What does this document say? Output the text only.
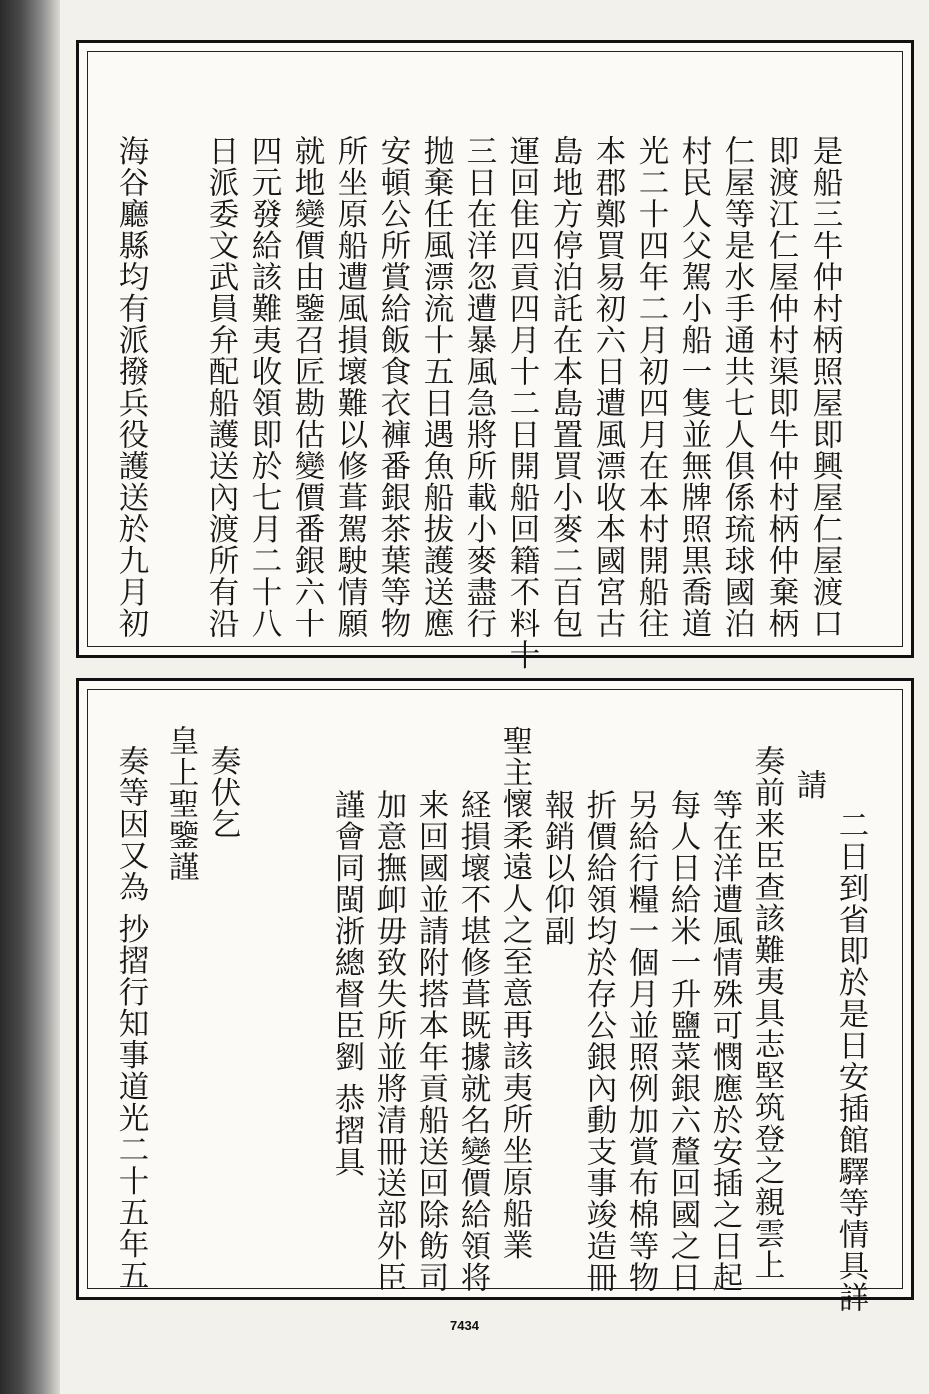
是船三牛仲村柄照屋即興屋仁屋渡口
即渡江仁屋仲村渠即牛仲村柄仲棄柄
仁屋等是水手通共七人俱係琉球國泊
村民人父駕小船一隻並無牌照黒喬道
光二十四年二月初四月在本村開船往
本郡鄭買易初六日遭風漂收本國宮古
島地方停泊託在本島置買小麥二百包
運回隹四貢四月十二日開船回籍不料十
三日在洋忽遭暴風急將所載小麥盡行
抛棄任風漂流十五日遇魚船拔護送應
安頓公所賞給飯食衣褲番銀茶葉等物
所坐原船遭風損壞難以修葺駕駛情願
就地變價由鑒召匠勘估變價番銀六十
四元發給該難夷收領即於七月二十八
日派委文武員弁配船護送內渡所有沿
海谷廳縣均有派撥兵役護送於九月初
二日到省即於是日安插館驛等情具詳
請
奏前来臣查該難夷具志堅筑登之親雲上
等在洋遭風情殊可憫應於安插之日起
每人日給米一升鹽菜銀六釐回國之日
另給行糧一個月並照例加賞布棉等物
折價給領均於存公銀內動支事竣造冊
報銷以仰副
聖主懷柔遠人之至意再該夷所坐原船業
経損壞不堪修葺既據就名變價給領将
来回國並請附搭本年貢船送回除飭司
加意撫卹毋致失所並將清冊送部外臣
謹會同閩浙總督臣劉 恭摺具
奏伏乞
皇上聖鑒謹
奏等因又為 抄摺行知事道光二十五年五
7434
